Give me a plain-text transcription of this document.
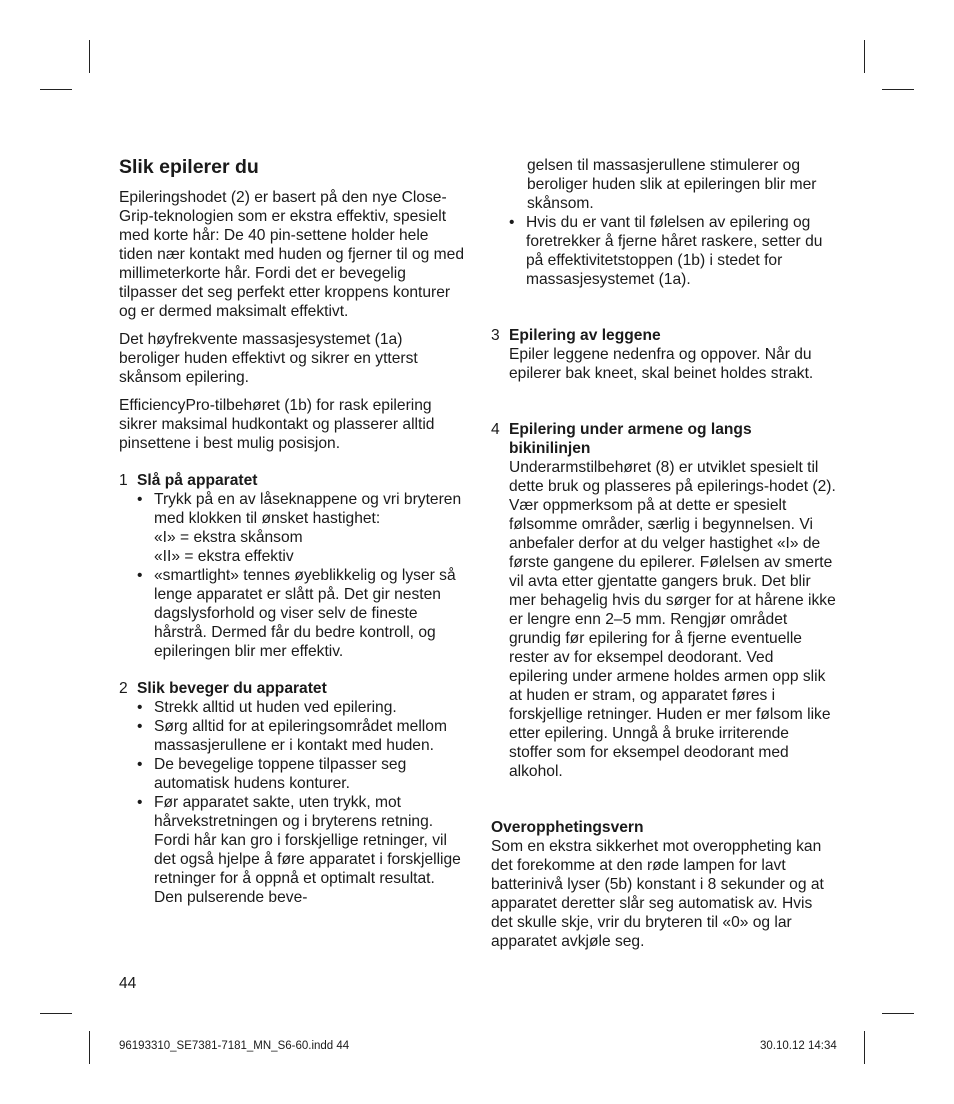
Slik epilerer du

Epileringshodet (2) er basert på den nye Close-Grip-teknologien som er ekstra effektiv, spesielt med korte hår: De 40 pin-settene holder hele tiden nær kontakt med huden og fjerner til og med millimeterkorte hår. Fordi det er bevegelig tilpasser det seg perfekt etter kroppens konturer og er dermed maksimalt effektivt.

Det høyfrekvente massasjesystemet (1a) beroliger huden effektivt og sikrer en ytterst skånsom epilering.

EfficiencyPro-tilbehøret (1b) for rask epilering sikrer maksimal hudkontakt og plasserer alltid pinsettene i best mulig posisjon.

1 Slå på apparatet
• Trykk på en av låseknappene og vri bryteren med klokken til ønsket hastighet:
«I» = ekstra skånsom
«II» = ekstra effektiv
• «smartlight» tennes øyeblikkelig og lyser så lenge apparatet er slått på. Det gir nesten dagslysforhold og viser selv de fineste hårstrå. Dermed får du bedre kontroll, og epileringen blir mer effektiv.
2 Slik beveger du apparatet
• Strekk alltid ut huden ved epilering.
• Sørg alltid for at epileringsområdet mellom massasjerullene er i kontakt med huden.
• De bevegelige toppene tilpasser seg automatisk hudens konturer.
• Før apparatet sakte, uten trykk, mot hårvekstretningen og i bryterens retning. Fordi hår kan gro i forskjellige retninger, vil det også hjelpe å føre apparatet i forskjellige retninger for å oppnå et optimalt resultat. Den pulserende beve-

gelsen til massasjerullene stimulerer og beroliger huden slik at epileringen blir mer skånsom.

• Hvis du er vant til følelsen av epilering og foretrekker å fjerne håret raskere, setter du på effektivitetstoppen (1b) i stedet for massasjesystemet (1a).
3 Epilering av leggene

Epiler leggene nedenfra og oppover. Når du epilerer bak kneet, skal beinet holdes strakt.

4 Epilering under armene og langs bikinilinjen

Underarmstilbehøret (8) er utviklet spesielt til dette bruk og plasseres på epilerings-hodet (2).

Vær oppmerksom på at dette er spesielt følsomme områder, særlig i begynnelsen. Vi anbefaler derfor at du velger hastighet «I» de første gangene du epilerer. Følelsen av smerte vil avta etter gjentatte gangers bruk. Det blir mer behagelig hvis du sørger for at hårene ikke er lengre enn 2–5 mm. Rengjør området grundig før epilering for å fjerne eventuelle rester av for eksempel deodorant. Ved epilering under armene holdes armen opp slik at huden er stram, og apparatet føres i forskjellige retninger. Huden er mer følsom like etter epilering. Unngå å bruke irriterende stoffer som for eksempel deodorant med alkohol.

Overopphetingsvern

Som en ekstra sikkerhet mot overoppheting kan det forekomme at den røde lampen for lavt batterinivå lyser (5b) konstant i 8 sekunder og at apparatet deretter slår seg automatisk av. Hvis det skulle skje, vrir du bryteren til «0» og lar apparatet avkjøle seg.

44
96193310_SE7381-7181_MN_S6-60.indd 44	30.10.12 14:34
